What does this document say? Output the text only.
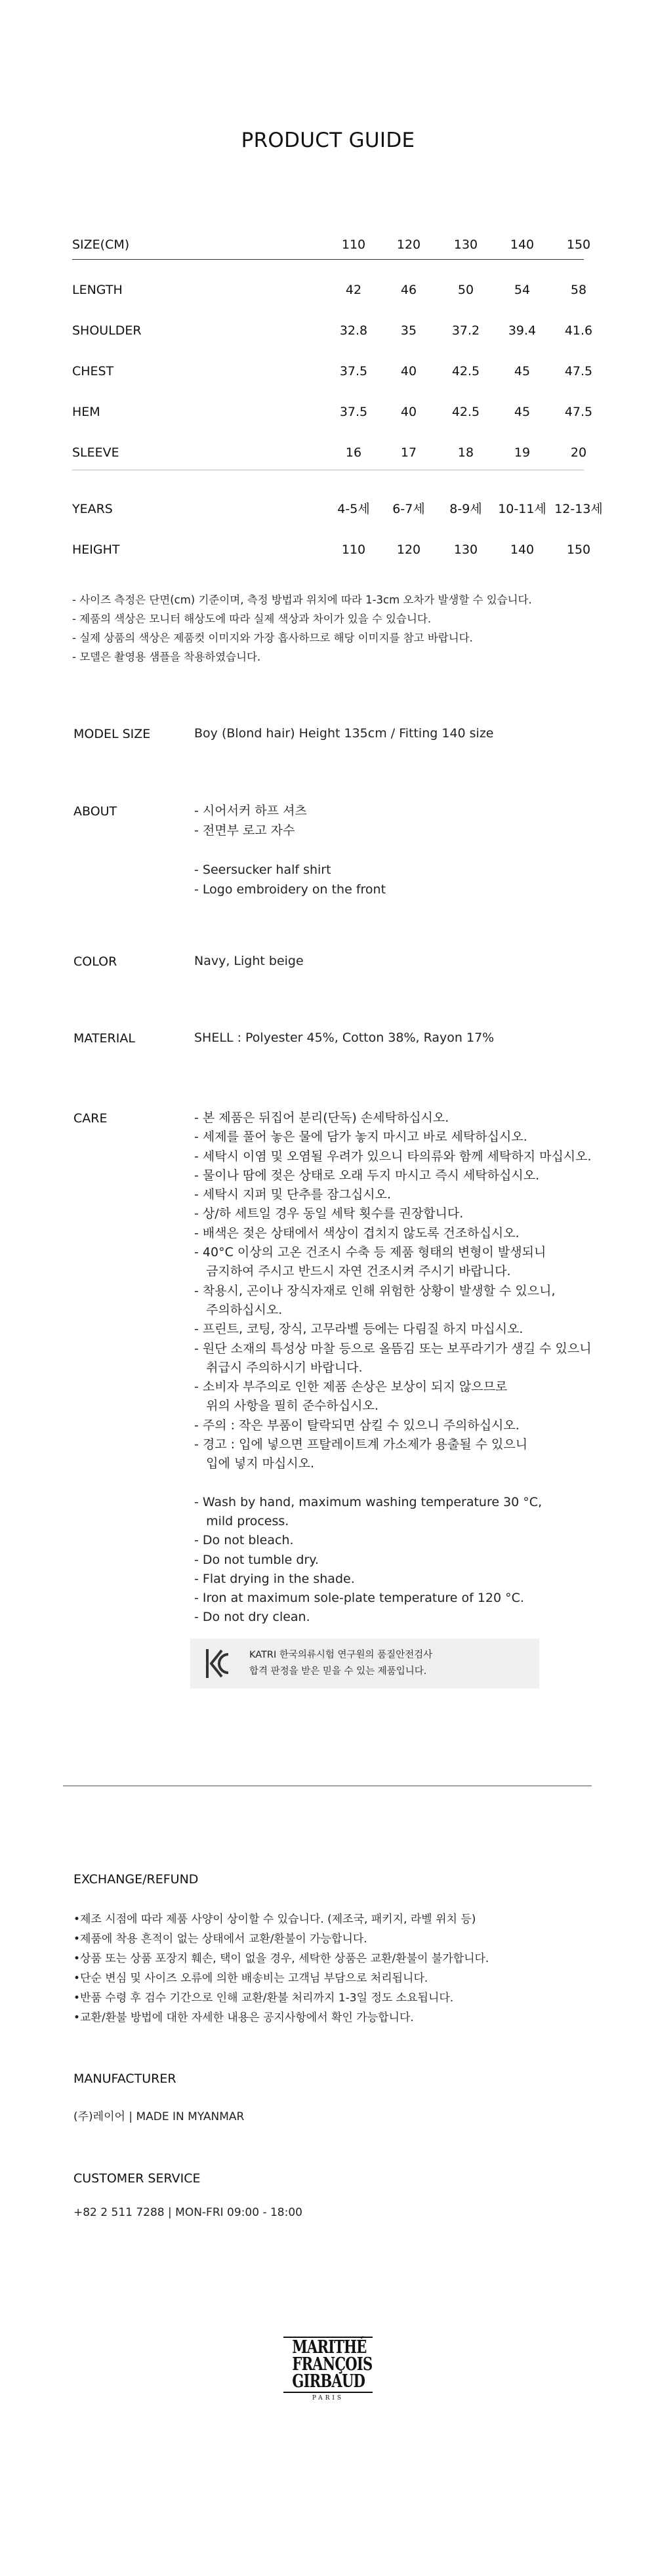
PRODUCT GUIDE
SIZE(CM)	110	120	130	140	150
LENGTH	42	46	50	54	58
SHOULDER	32.8	35	37.2	39.4	41.6
CHEST	37.5	40	42.5	45	47.5
HEM	37.5	40	42.5	45	47.5
SLEEVE	16	17	18	19	20
YEARS	4-5세	6-7세	8-9세	10-11세 12-13세
HEIGHT	110	120	130	140	150
- 사이즈 측정은 단면(cm) 기준이며, 측정 방법과 위치에 따라 1-3cm 오차가 발생할 수 있습니다.
- 제품의 색상은 모니터 해상도에 따라 실제 색상과 차이가 있을 수 있습니다.
- 실제 상품의 색상은 제품컷 이미지와 가장 흡사하므로 해당 이미지를 참고 바랍니다.
- 모델은 촬영용 샘플을 착용하였습니다.
MODEL SIZE	Boy (Blond hair) Height 135cm / Fitting 140 size
ABOUT	- 시어서커 하프 셔츠
- 전면부 로고 자수
- Seersucker half shirt
- Logo embroidery on the front
COLOR	Navy, Light beige
MATERIAL	SHELL : Polyester 45%, Cotton 38%, Rayon 17%
CARE	- 본 제품은 뒤집어 분리(단독) 손세탁하십시오.
- 세제를 풀어 놓은 물에 담가 놓지 마시고 바로 세탁하십시오.
- 세탁시 이염 및 오염될 우려가 있으니 타의류와 함께 세탁하지 마십시오.
- 물이나 땀에 젖은 상태로 오래 두지 마시고 즉시 세탁하십시오.
- 세탁시 지퍼 및 단추를 잠그십시오.
- 상/하 세트일 경우 동일 세탁 횟수를 권장합니다.
- 배색은 젖은 상태에서 색상이 겹치지 않도록 건조하십시오.
- 40°C 이상의 고온 건조시 수축 등 제품 형태의 변형이 발생되니
금지하여 주시고 반드시 자연 건조시켜 주시기 바랍니다.
- 착용시, 곤이나 장식자재로 인해 위험한 상황이 발생할 수 있으니,
주의하십시오.
- 프린트, 코팅, 장식, 고무라벨 등에는 다림질 하지 마십시오.
- 원단 소재의 특성상 마찰 등으로 올뜸김 또는 보푸라기가 생길 수 있으니
취급시 주의하시기 바랍니다.
- 소비자 부주의로 인한 제품 손상은 보상이 되지 않으므로
위의 사항을 필히 준수하십시오.
- 주의 : 작은 부품이 탈락되면 삼킬 수 있으니 주의하십시오.
- 경고 : 입에 넣으면 프탈레이트계 가소제가 용출될 수 있으니
입에 넣지 마십시오.
- Wash by hand, maximum washing temperature 30 °C,
mild process.
- Do not bleach.
- Do not tumble dry.
- Flat drying in the shade.
- Iron at maximum sole-plate temperature of 120 °C.
- Do not dry clean.
KATRI 한국의류시험 연구원의 품질안전검사
합격 판정을 받은 믿을 수 있는 제품입니다.
EXCHANGE/REFUND
•제조 시점에 따라 제품 사양이 상이할 수 있습니다. (제조국, 패키지, 라벨 위치 등)
•제품에 착용 흔적이 없는 상태에서 교환/환불이 가능합니다.
•상품 또는 상품 포장지 훼손, 택이 없을 경우, 세탁한 상품은 교환/환불이 불가합니다.
•단순 변심 및 사이즈 오류에 의한 배송비는 고객님 부담으로 처리됩니다.
•반품 수령 후 검수 기간으로 인해 교환/환불 처리까지 1-3일 정도 소요됩니다.
•교환/환불 방법에 대한 자세한 내용은 공지사항에서 확인 가능합니다.
MANUFACTURER
(주)레이어 | MADE IN MYANMAR
CUSTOMER SERVICE
+82 2 511 7288 | MON-FRI 09:00 - 18:00
MARITHÉ
FRANÇOIS
GIRBAUD
PARIS
